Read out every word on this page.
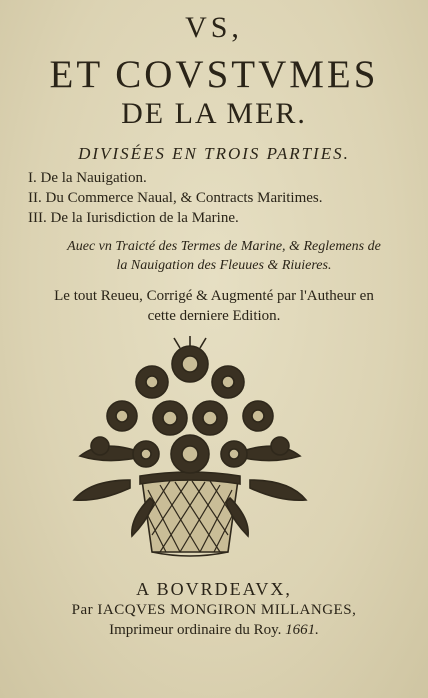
VS,
ET COVSTVMES
DE LA MER.
DIVISÉES EN TROIS PARTIES.
I. De la Nauigation.
II. Du Commerce Naual, & Contracts Maritimes.
III. De la Iurisdiction de la Marine.
Auec vn Traicté des Termes de Marine, & Reglemens de
la Nauigation des Fleuues & Riuieres.
Le tout Reueu, Corrigé & Augmenté par l'Autheur en
cette derniere Edition.
A BOVRDEAVX,
Par IACQVES MONGIRON MILLANGES,
Imprimeur ordinaire du Roy. 1661.
